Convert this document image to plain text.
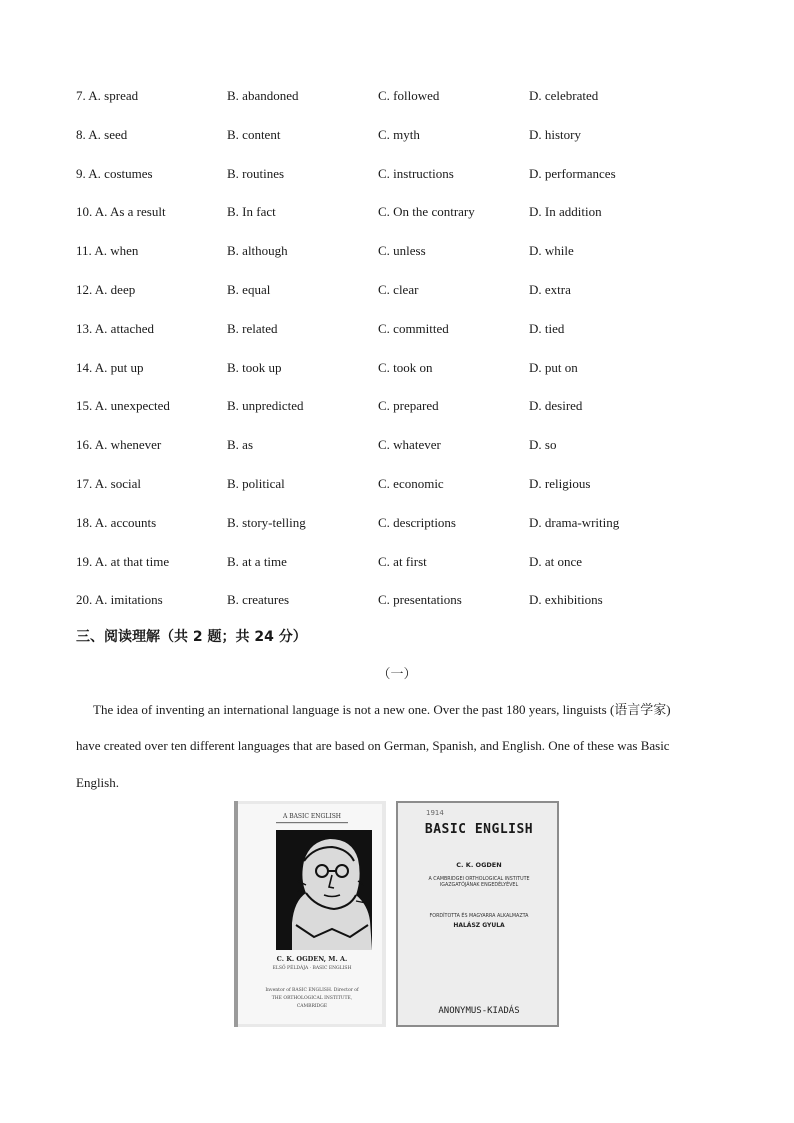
7. A. spread	B. abandoned	C. followed	D. celebrated
8. A. seed	B. content	C. myth	D. history
9. A. costumes	B. routines	C. instructions	D. performances
10. A. As a result	B. In fact	C. On the contrary	D. In addition
11. A. when	B. although	C. unless	D. while
12. A. deep	B. equal	C. clear	D. extra
13. A. attached	B. related	C. committed	D. tied
14. A. put up	B. took up	C. took on	D. put on
15. A. unexpected	B. unpredicted	C. prepared	D. desired
16. A. whenever	B. as	C. whatever	D. so
17. A. social	B. political	C. economic	D. religious
18. A. accounts	B. story-telling	C. descriptions	D. drama-writing
19. A. at that time	B. at a time	C. at first	D. at once
20. A. imitations	B. creatures	C. presentations	D. exhibitions
三、阅读理解（共 2 题；共 24 分）
（一）
The idea of inventing an international language is not a new one. Over the past 180 years, linguists (语言学家)
have created over ten different languages that are based on German, Spanish, and English. One of these was Basic
English.
A BASIC ENGLISH
C. K. OGDEN, M. A.
ELSŐ PÉLDÁJA · BASIC ENGLISH
Inventor of BASIC ENGLISH. Director of
THE ORTHOLOGICAL INSTITUTE,
CAMBRIDGE
1914
BASIC ENGLISH
C. K. OGDEN
A CAMBRIDGEI ORTHOLOGICAL INSTITUTE
IGAZGATÓJÁNAK ENGEDÉLYÉVEL
FORDÍTOTTA ÉS MAGYARRA ALKALMAZTA
HALÁSZ GYULA
ANONYMUS-KIADÁS
